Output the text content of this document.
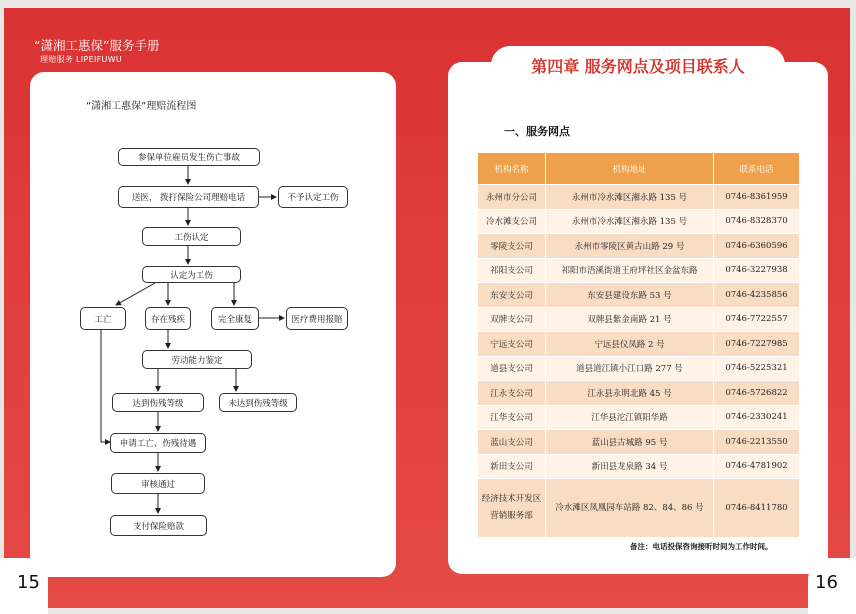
“潇湘工惠保”服务手册
理赔服务 LIPEIFUWU
“潇湘工惠保”理赔流程图
参保单位雇员发生伤亡事故
送医， 拨打保险公司理赔电话	不予认定工伤
工伤认定
认定为工伤
工亡	存在残疾	完全康复	医疗费用报賠
劳动能力鉴定
达到伤残等级	未达到伤残等级
申请工亡、伤残待遇
审核通过
支付保险赔款
第四章 服务网点及项目联系人
一、服务网点
机构名称	机构地址	联系电话
永州市分公司	永州市冷水滩区湘永路 135 号	0746-8361959
冷水滩支公司	永州市冷水滩区湘永路 135 号	0746-8328370
零陵支公司	永州市零陵区黄古山路 29 号	0746-6360596
祁阳支公司	祁阳市浯溪街道王府坪社区金盆东路	0746-3227938
东安支公司	东安县建设东路 53 号	0746-4235856
双牌支公司	双牌县紫金南路 21 号	0746-7722557
宁远支公司	宁远县仪凤路 2 号	0746-7227985
道县支公司	道县道江镇小江口路 277 号	0746-5225321
江永支公司	江永县永明北路 45 号	0746-5726822
江华支公司	江华县沱江镇阳华路	0746-2330241
蓝山支公司	蓝山县古城路 95 号	0746-2213550
新田支公司	新田县龙泉路 34 号	0746-4781902
经济技术开发区营销服务部	冷水滩区凤凰园车站路 82、84、86 号	0746-8411780
备注：电话投保咨询接听时间为工作时间。
15	16
